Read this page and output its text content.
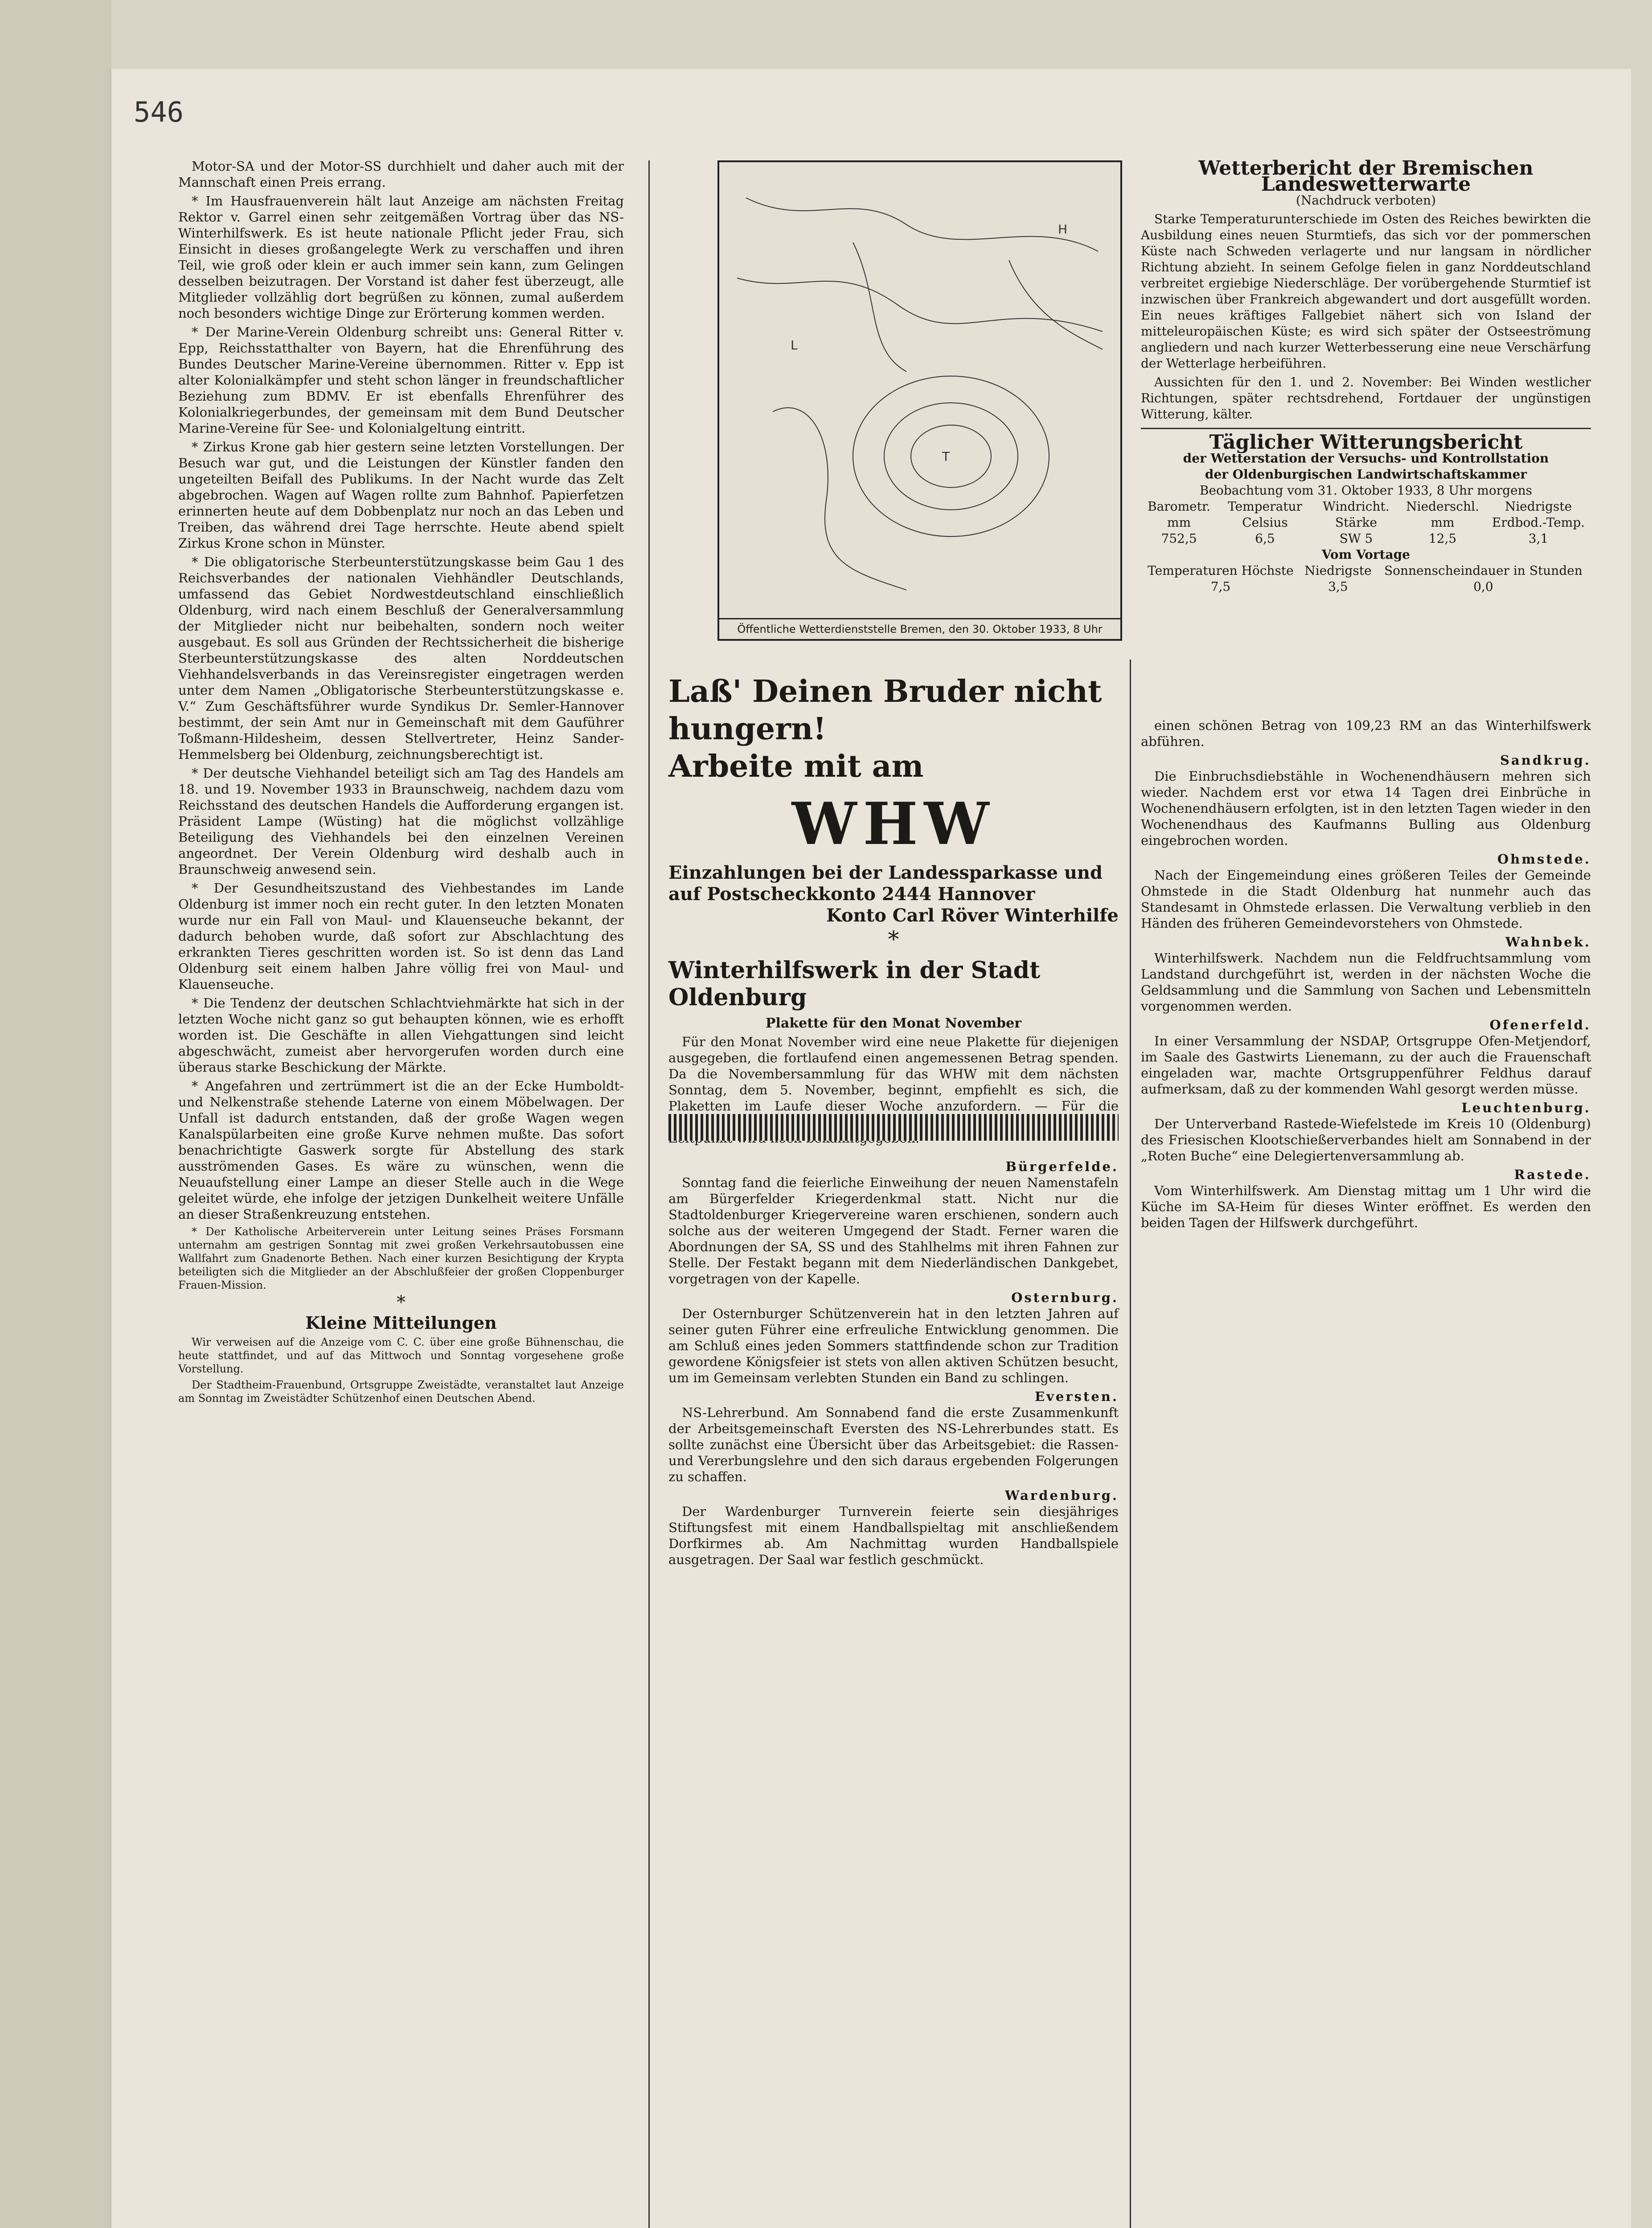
546

Motor-SA und der Motor-SS durchhielt und daher auch mit der Mannschaft einen Preis errang.

* Im Hausfrauenverein hält laut Anzeige am nächsten Freitag Rektor v. Garrel einen sehr zeitgemäßen Vortrag über das NS-Winterhilfswerk. Es ist heute nationale Pflicht jeder Frau, sich Einsicht in dieses großangelegte Werk zu verschaffen und ihren Teil, wie groß oder klein er auch immer sein kann, zum Gelingen desselben beizutragen. Der Vorstand ist daher fest überzeugt, alle Mitglieder vollzählig dort begrüßen zu können, zumal außerdem noch besonders wichtige Dinge zur Erörterung kommen werden.

* Der Marine-Verein Oldenburg schreibt uns: General Ritter v. Epp, Reichsstatthalter von Bayern, hat die Ehrenführung des Bundes Deutscher Marine-Vereine übernommen. Ritter v. Epp ist alter Kolonialkämpfer und steht schon länger in freundschaftlicher Beziehung zum BDMV. Er ist ebenfalls Ehrenführer des Kolonialkriegerbundes, der gemeinsam mit dem Bund Deutscher Marine-Vereine für See- und Kolonialgeltung eintritt.

* Zirkus Krone gab hier gestern seine letzten Vorstellungen. Der Besuch war gut, und die Leistungen der Künstler fanden den ungeteilten Beifall des Publikums. In der Nacht wurde das Zelt abgebrochen. Wagen auf Wagen rollte zum Bahnhof. Papierfetzen erinnerten heute auf dem Dobbenplatz nur noch an das Leben und Treiben, das während drei Tage herrschte. Heute abend spielt Zirkus Krone schon in Münster.

* Die obligatorische Sterbeunterstützungskasse beim Gau 1 des Reichsverbandes der nationalen Viehhändler Deutschlands, umfassend das Gebiet Nordwestdeutschland einschließlich Oldenburg, wird nach einem Beschluß der Generalversammlung der Mitglieder nicht nur beibehalten, sondern noch weiter ausgebaut. Es soll aus Gründen der Rechtssicherheit die bisherige Sterbeunterstützungskasse des alten Norddeutschen Viehhandelsverbands in das Vereinsregister eingetragen werden unter dem Namen „Obligatorische Sterbeunterstützungskasse e. V.“ Zum Geschäftsführer wurde Syndikus Dr. Semler-Hannover bestimmt, der sein Amt nur in Gemeinschaft mit dem Gauführer Toßmann-Hildesheim, dessen Stellvertreter, Heinz Sander-Hemmelsberg bei Oldenburg, zeichnungsberechtigt ist.

* Der deutsche Viehhandel beteiligt sich am Tag des Handels am 18. und 19. November 1933 in Braunschweig, nachdem dazu vom Reichsstand des deutschen Handels die Aufforderung ergangen ist. Präsident Lampe (Wüsting) hat die möglichst vollzählige Beteiligung des Viehhandels bei den einzelnen Vereinen angeordnet. Der Verein Oldenburg wird deshalb auch in Braunschweig anwesend sein.

* Der Gesundheitszustand des Viehbestandes im Lande Oldenburg ist immer noch ein recht guter. In den letzten Monaten wurde nur ein Fall von Maul- und Klauenseuche bekannt, der dadurch behoben wurde, daß sofort zur Abschlachtung des erkrankten Tieres geschritten worden ist. So ist denn das Land Oldenburg seit einem halben Jahre völlig frei von Maul- und Klauenseuche.

* Die Tendenz der deutschen Schlachtviehmärkte hat sich in der letzten Woche nicht ganz so gut behaupten können, wie es erhofft worden ist. Die Geschäfte in allen Viehgattungen sind leicht abgeschwächt, zumeist aber hervorgerufen worden durch eine überaus starke Beschickung der Märkte.

* Angefahren und zertrümmert ist die an der Ecke Humboldt- und Nelkenstraße stehende Laterne von einem Möbelwagen. Der Unfall ist dadurch entstanden, daß der große Wagen wegen Kanalspülarbeiten eine große Kurve nehmen mußte. Das sofort benachrichtigte Gaswerk sorgte für Abstellung des stark ausströmenden Gases. Es wäre zu wünschen, wenn die Neuaufstellung einer Lampe an dieser Stelle auch in die Wege geleitet würde, ehe infolge der jetzigen Dunkelheit weitere Unfälle an dieser Straßenkreuzung entstehen.

* Der Katholische Arbeiterverein unter Leitung seines Präses Forsmann unternahm am gestrigen Sonntag mit zwei großen Verkehrsautobussen eine Wallfahrt zum Gnadenorte Bethen. Nach einer kurzen Besichtigung der Krypta beteiligten sich die Mitglieder an der Abschlußfeier der großen Cloppenburger Frauen-Mission.

*
Kleine Mitteilungen

Wir verweisen auf die Anzeige vom C. C. über eine große Bühnenschau, die heute stattfindet, und auf das Mittwoch und Sonntag vorgesehene große Vorstellung.

Der Stadtheim-Frauenbund, Ortsgruppe Zweistädte, veranstaltet laut Anzeige am Sonntag im Zweistädter Schützenhof einen Deutschen Abend.

T
H
L
Öffentliche Wetterdienststelle Bremen, den 30. Oktober 1933, 8 Uhr
Wetterbericht der Bremischen Landeswetterwarte
(Nachdruck verboten)

Starke Temperaturunterschiede im Osten des Reiches bewirkten die Ausbildung eines neuen Sturmtiefs, das sich vor der pommerschen Küste nach Schweden verlagerte und nur langsam in nördlicher Richtung abzieht. In seinem Gefolge fielen in ganz Norddeutschland verbreitet ergiebige Niederschläge. Der vorübergehende Sturmtief ist inzwischen über Frankreich abgewandert und dort ausgefüllt worden. Ein neues kräftiges Fallgebiet nähert sich von Island der mitteleuropäischen Küste; es wird sich später der Ostseeströmung angliedern und nach kurzer Wetterbesserung eine neue Verschärfung der Wetterlage herbeiführen.

Aussichten für den 1. und 2. November: Bei Winden westlicher Richtungen, später rechtsdrehend, Fortdauer der ungünstigen Witterung, kälter.

Täglicher Witterungsbericht
der Wetterstation der Versuchs- und Kontrollstation
der Oldenburgischen Landwirtschaftskammer
Beobachtung vom 31. Oktober 1933, 8 Uhr morgens
Barometr. mm	Temperatur Celsius	Windricht. Stärke	Niederschl. mm	Niedrigste Erdbod.-Temp.
752,5	6,5	SW 5	12,5	3,1
Vom Vortage
Temperaturen Höchste	Niedrigste	Sonnenscheindauer in Stunden
7,5	3,5	0,0
Laß' Deinen Bruder nicht hungern!
Arbeite mit am
WHW
Einzahlungen bei der Landessparkasse und auf Postscheckkonto 2444 Hannover
Konto Carl Röver Winterhilfe
*
Winterhilfswerk in der Stadt Oldenburg
Plakette für den Monat November

Für den Monat November wird eine neue Plakette für diejenigen ausgegeben, die fortlaufend einen angemessenen Betrag spenden. Da die Novembersammlung für das WHW mit dem nächsten Sonntag, dem 5. November, beginnt, empfiehlt es sich, die Plaketten im Laufe dieser Woche anzufordern. — Für die

Bürgerfelde.

Sonntag fand die feierliche Einweihung der neuen Namenstafeln am Bürgerfelder Kriegerdenkmal statt. Nicht nur die Stadtoldenburger Kriegervereine waren erschienen, sondern auch solche aus der weiteren Umgegend der Stadt. Ferner waren die Abordnungen der SA, SS und des Stahlhelms mit ihren Fahnen zur Stelle. Der Festakt begann mit dem Niederländischen Dankgebet, vorgetragen von der Kapelle.

Osternburg.

Der Osternburger Schützenverein hat in den letzten Jahren auf seiner guten Führer eine erfreuliche Entwicklung genommen. Die am Schluß eines jeden Sommers stattfindende schon zur Tradition gewordene Königsfeier ist stets von allen aktiven Schützen besucht, um im Gemeinsam verlebten Stunden ein Band zu schlingen.

Eversten.

NS-Lehrerbund. Am Sonnabend fand die erste Zusammenkunft der Arbeitsgemeinschaft Eversten des NS-Lehrerbundes statt. Es sollte zunächst eine Übersicht über das Arbeitsgebiet: die Rassen- und Vererbungslehre und den sich daraus ergebenden Folgerungen zu schaffen.

Wardenburg.

Der Wardenburger Turnverein feierte sein diesjähriges Stiftungsfest mit einem Handballspieltag mit anschließendem Dorfkirmes ab. Am Nachmittag wurden Handballspiele ausgetragen. Der Saal war festlich geschmückt.

einen schönen Betrag von 109,23 RM an das Winterhilfswerk abführen.

Sandkrug.

Die Einbruchsdiebstähle in Wochenendhäusern mehren sich wieder. Nachdem erst vor etwa 14 Tagen drei Einbrüche in Wochenendhäusern erfolgten, ist in den letzten Tagen wieder in den Wochenendhaus des Kaufmanns Bulling aus Oldenburg eingebrochen worden.

Ohmstede.

Nach der Eingemeindung eines größeren Teiles der Gemeinde Ohmstede in die Stadt Oldenburg hat nunmehr auch das Standesamt in Ohmstede erlassen. Die Verwaltung verblieb in den Händen des früheren Gemeindevorstehers von Ohmstede.

Wahnbek.

Winterhilfswerk. Nachdem nun die Feldfruchtsammlung vom Landstand durchgeführt ist, werden in der nächsten Woche die Geldsammlung und die Sammlung von Sachen und Lebensmitteln vorgenommen werden.

Ofenerfeld.

In einer Versammlung der NSDAP, Ortsgruppe Ofen-Metjendorf, im Saale des Gastwirts Lienemann, zu der auch die Frauenschaft eingeladen war, machte Ortsgruppenführer Feldhus darauf aufmerksam, daß zu der kommenden Wahl gesorgt werden müsse.

Leuchtenburg.

Der Unterverband Rastede-Wiefelstede im Kreis 10 (Oldenburg) des Friesischen Klootschießerverbandes hielt am Sonnabend in der „Roten Buche“ eine Delegiertenversammlung ab.

Rastede.

Vom Winterhilfswerk. Am Dienstag mittag um 1 Uhr wird die Küche im SA-Heim für dieses Winter eröffnet. Es werden den beiden Tagen der Hilfswerk durchgeführt.
